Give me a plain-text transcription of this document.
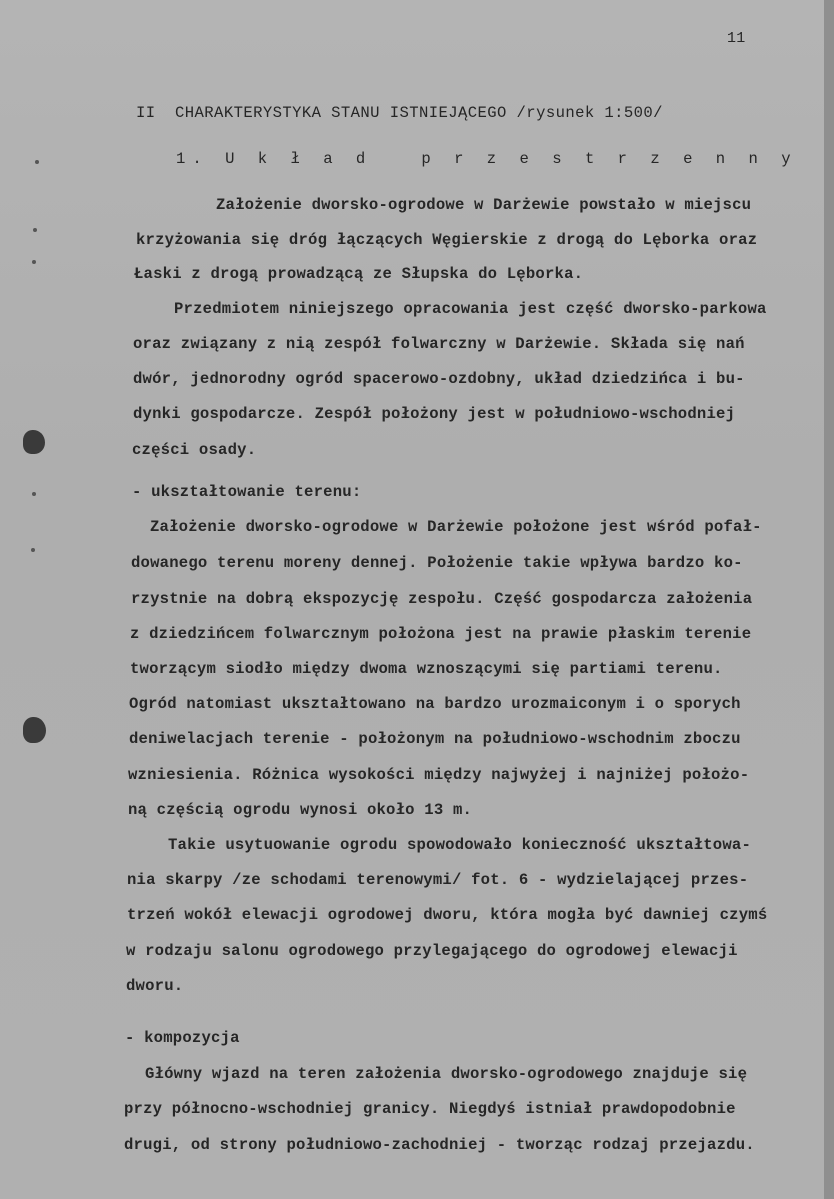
11
II  CHARAKTERYSTYKA STANU ISTNIEJĄCEGO /rysunek 1:500/
1. U k ł a d   p r z e s t r z e n n y
Założenie dworsko-ogrodowe w Darżewie powstało w miejscu
krzyżowania się dróg łączących Węgierskie z drogą do Lęborka oraz
Łaski z drogą prowadzącą ze Słupska do Lęborka.
Przedmiotem niniejszego opracowania jest część dworsko-parkowa
oraz związany z nią zespół folwarczny w Darżewie. Składa się nań
dwór, jednorodny ogród spacerowo-ozdobny, układ dziedzińca i bu-
dynki gospodarcze. Zespół położony jest w południowo-wschodniej
części osady.
- ukształtowanie terenu:
Założenie dworsko-ogrodowe w Darżewie położone jest wśród pofał-
dowanego terenu moreny dennej. Położenie takie wpływa bardzo ko-
rzystnie na dobrą ekspozycję zespołu. Część gospodarcza założenia
z dziedzińcem folwarcznym położona jest na prawie płaskim terenie
tworzącym siodło między dwoma wznoszącymi się partiami terenu.
Ogród natomiast ukształtowano na bardzo urozmaiconym i o sporych
deniwelacjach terenie - położonym na południowo-wschodnim zboczu
wzniesienia. Różnica wysokości między najwyżej i najniżej położo-
ną częścią ogrodu wynosi około 13 m.
Takie usytuowanie ogrodu spowodowało konieczność ukształtowa-
nia skarpy /ze schodami terenowymi/ fot. 6 - wydzielającej przes-
trzeń wokół elewacji ogrodowej dworu, która mogła być dawniej czymś
w rodzaju salonu ogrodowego przylegającego do ogrodowej elewacji
dworu.
- kompozycja
Główny wjazd na teren założenia dworsko-ogrodowego znajduje się
przy północno-wschodniej granicy. Niegdyś istniał prawdopodobnie
drugi, od strony południowo-zachodniej - tworząc rodzaj przejazdu.
